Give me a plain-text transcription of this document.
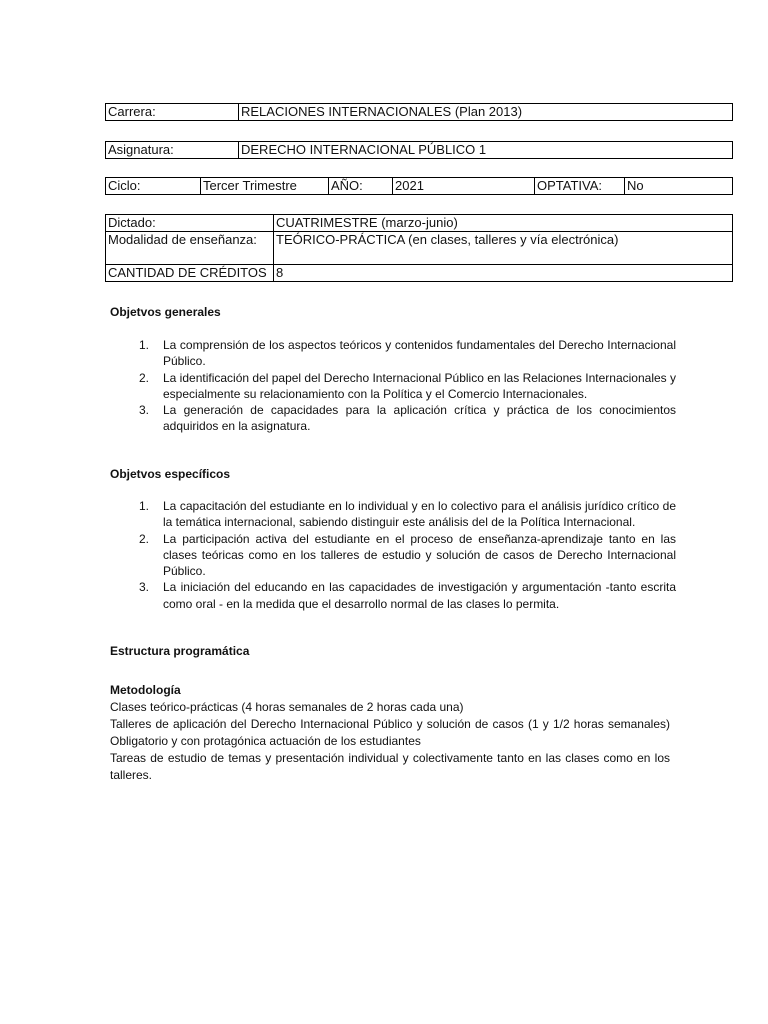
Carrera:	RELACIONES INTERNACIONALES (Plan 2013)
Asignatura:	DERECHO INTERNACIONAL PÚBLICO 1
Ciclo:	Tercer Trimestre	AÑO:	2021	OPTATIVA:	No
Dictado:	CUATRIMESTRE (marzo-junio)
Modalidad de enseñanza:	TEÓRICO-PRÁCTICA (en clases, talleres y vía electrónica)
CANTIDAD DE CRÉDITOS	8
Objetvos generales
1. La comprensión de los aspectos teóricos y contenidos fundamentales del Derecho Internacional Público.
2. La identificación del papel del Derecho Internacional Público en las Relaciones Internacionales y especialmente su relacionamiento con la Política y el Comercio Internacionales.
3. La generación de capacidades para la aplicación crítica y práctica de los conocimientos adquiridos en la asignatura.
Objetvos específicos
1. La capacitación del estudiante en lo individual y en lo colectivo para el análisis jurídico crítico de la temática internacional, sabiendo distinguir este análisis del de la Política Internacional.
2. La participación activa del estudiante en el proceso de enseñanza-aprendizaje tanto en las clases teóricas como en los talleres de estudio y solución de casos de Derecho Internacional Público.
3. La iniciación del educando en las capacidades de investigación y argumentación -tanto escrita como oral - en la medida que el desarrollo normal de las clases lo permita.
Estructura programática
Metodología

Clases teórico-prácticas (4 horas semanales de 2 horas cada una)

Talleres de aplicación del Derecho Internacional Público y solución de casos (1 y 1/2 horas semanales) Obligatorio y con protagónica actuación de los estudiantes

Tareas de estudio de temas y presentación individual y colectivamente tanto en las clases como en los talleres.
